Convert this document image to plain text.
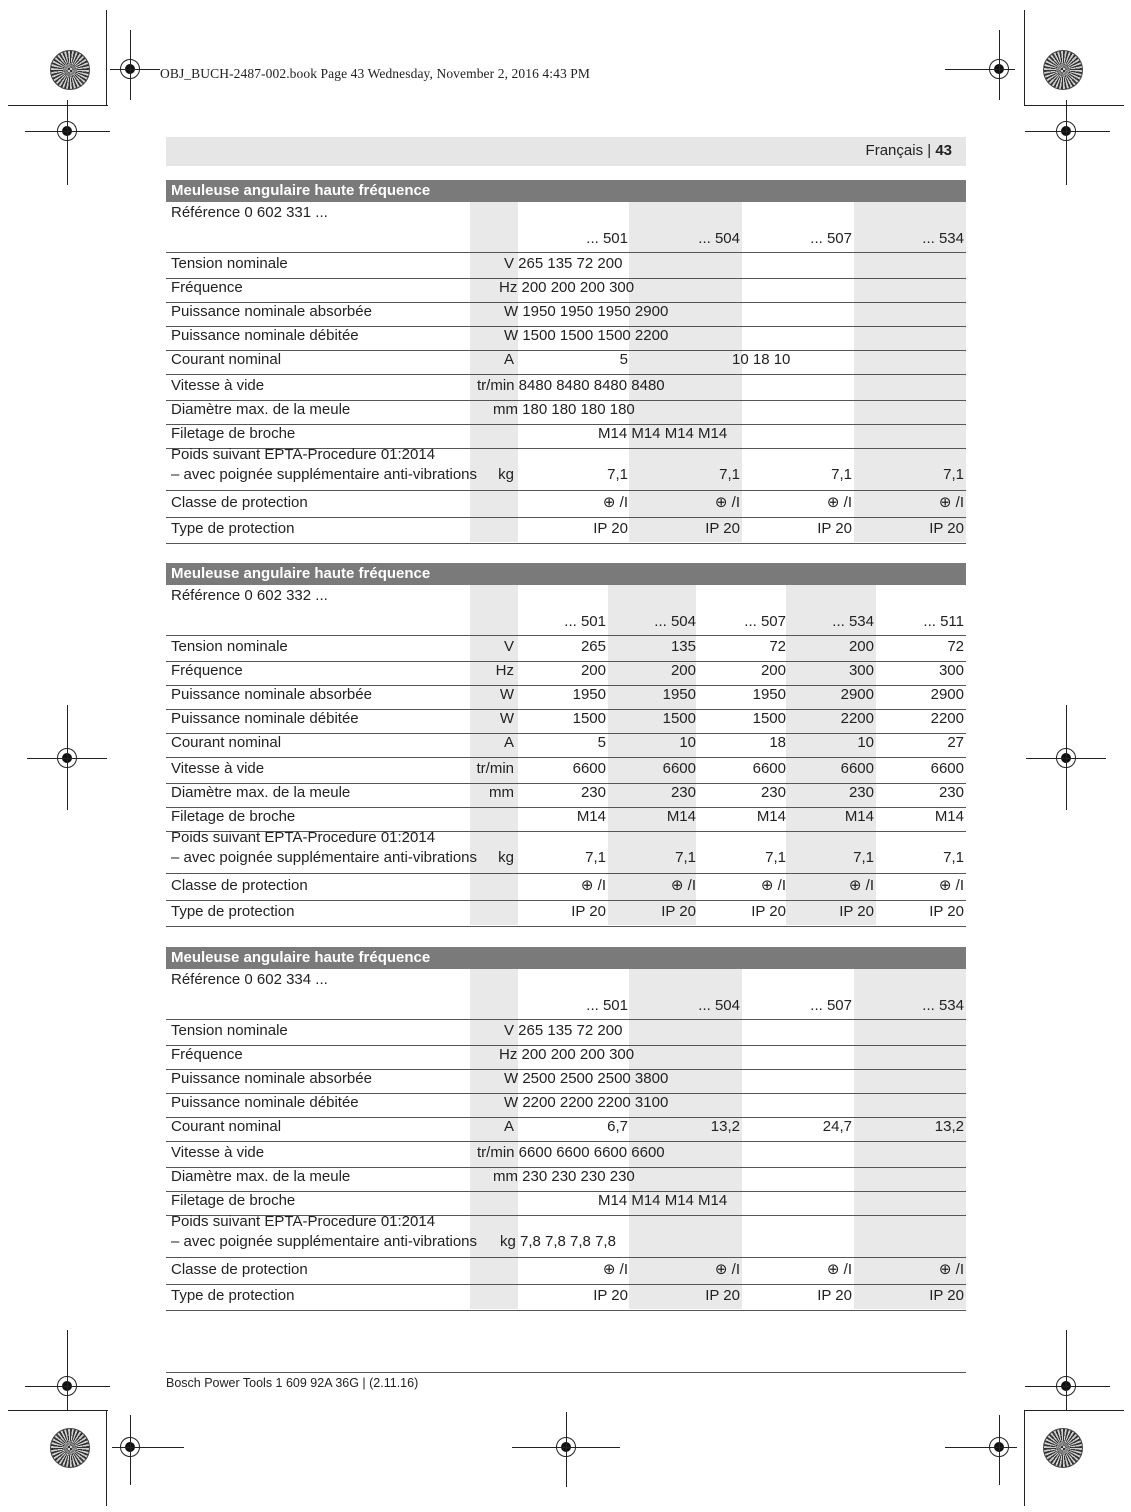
OBJ_BUCH-2487-002.book Page 43 Wednesday, November 2, 2016 4:43 PM
Français | 43
Meuleuse angulaire haute fréquence
Référence 0 602 331 ...
... 501	... 504	... 507	... 534
Tension nominale	V 265 135 72 200
Fréquence	Hz 200 200 200 300
Puissance nominale absorbée	W 1950 1950 1950 2900
Puissance nominale débitée	W 1500 1500 1500 2200
Courant nominal	A	5	10 18 10
Vitesse à vide	tr/min 8480 8480 8480 8480
Diamètre max. de la meule	mm 180 180 180 180
Filetage de broche	M14 M14 M14 M14
Poids suivant EPTA-Procedure 01:2014
– avec poignée supplémentaire anti-vibrations	kg	7,1	7,1	7,1	7,1
Classe de protection	⊕ /I	⊕ /I	⊕ /I	⊕ /I
Type de protection	IP 20	IP 20	IP 20	IP 20
Meuleuse angulaire haute fréquence
Référence 0 602 332 ...
... 501	... 504	... 507	... 534	... 511
Tension nominale	V	265	135	72	200	72
Fréquence	Hz	200	200	200	300	300
Puissance nominale absorbée	W	1950	1950	1950	2900	2900
Puissance nominale débitée	W	1500	1500	1500	2200	2200
Courant nominal	A	5	10	18	10	27
Vitesse à vide	tr/min	6600	6600	6600	6600	6600
Diamètre max. de la meule	mm	230	230	230	230	230
Filetage de broche	M14	M14	M14	M14	M14
Poids suivant EPTA-Procedure 01:2014
– avec poignée supplémentaire anti-vibrations	kg	7,1	7,1	7,1	7,1	7,1
Classe de protection	⊕ /I	⊕ /I	⊕ /I	⊕ /I	⊕ /I
Type de protection	IP 20	IP 20	IP 20	IP 20	IP 20
Meuleuse angulaire haute fréquence
Référence 0 602 334 ...
... 501	... 504	... 507	... 534
Tension nominale	V 265 135 72 200
Fréquence	Hz 200 200 200 300
Puissance nominale absorbée	W 2500 2500 2500 3800
Puissance nominale débitée	W 2200 2200 2200 3100
Courant nominal	A	6,7	13,2	24,7	13,2
Vitesse à vide	tr/min 6600 6600 6600 6600
Diamètre max. de la meule	mm 230 230 230 230
Filetage de broche	M14 M14 M14 M14
Poids suivant EPTA-Procedure 01:2014
– avec poignée supplémentaire anti-vibrations kg 7,8 7,8 7,8 7,8
Classe de protection	⊕ /I	⊕ /I	⊕ /I	⊕ /I
Type de protection	IP 20	IP 20	IP 20	IP 20
Bosch Power Tools 1 609 92A 36G | (2.11.16)
